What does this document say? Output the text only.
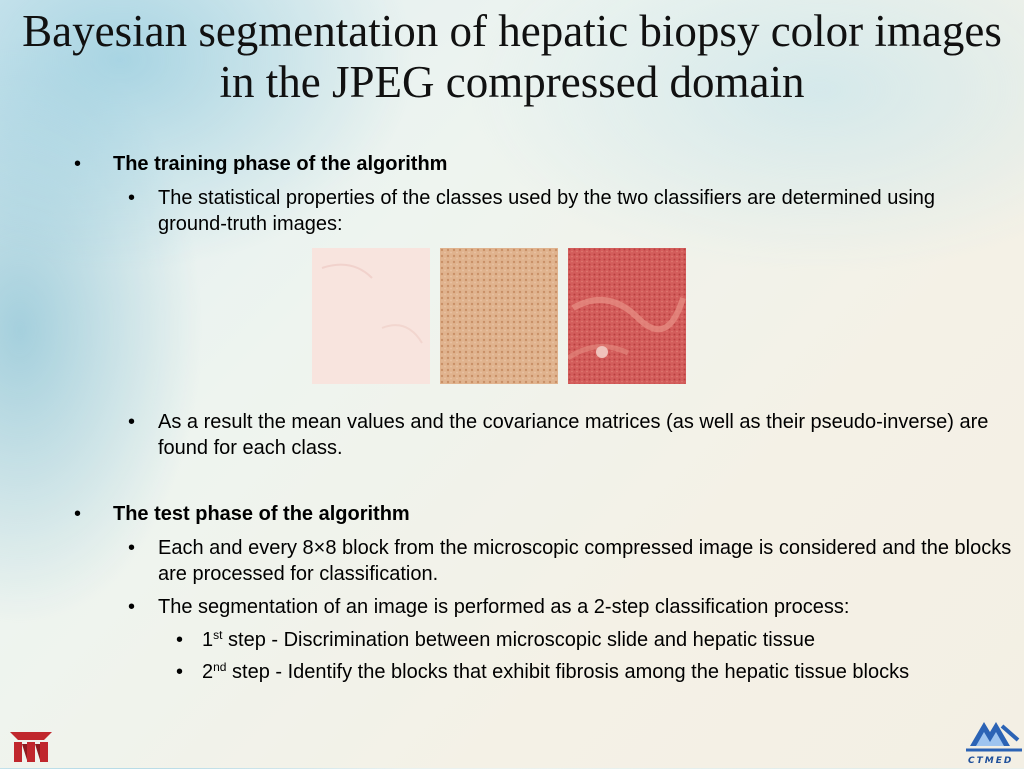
Bayesian segmentation of hepatic biopsy color images in the JPEG compressed domain
• The training phase of the algorithm
• The statistical properties of the classes used by the two classifiers are determined using ground-truth images:
• As a result the mean values and the covariance matrices (as well as their pseudo-inverse) are found for each class.
• The test phase of the algorithm
• Each and every 8×8 block from the microscopic compressed image is considered and the blocks are processed for classification.
• The segmentation of an image is performed as a 2-step classification process:
• 1st step - Discrimination between microscopic slide and hepatic tissue
• 2nd step - Identify the blocks that exhibit fibrosis among the hepatic tissue blocks
CTMED
